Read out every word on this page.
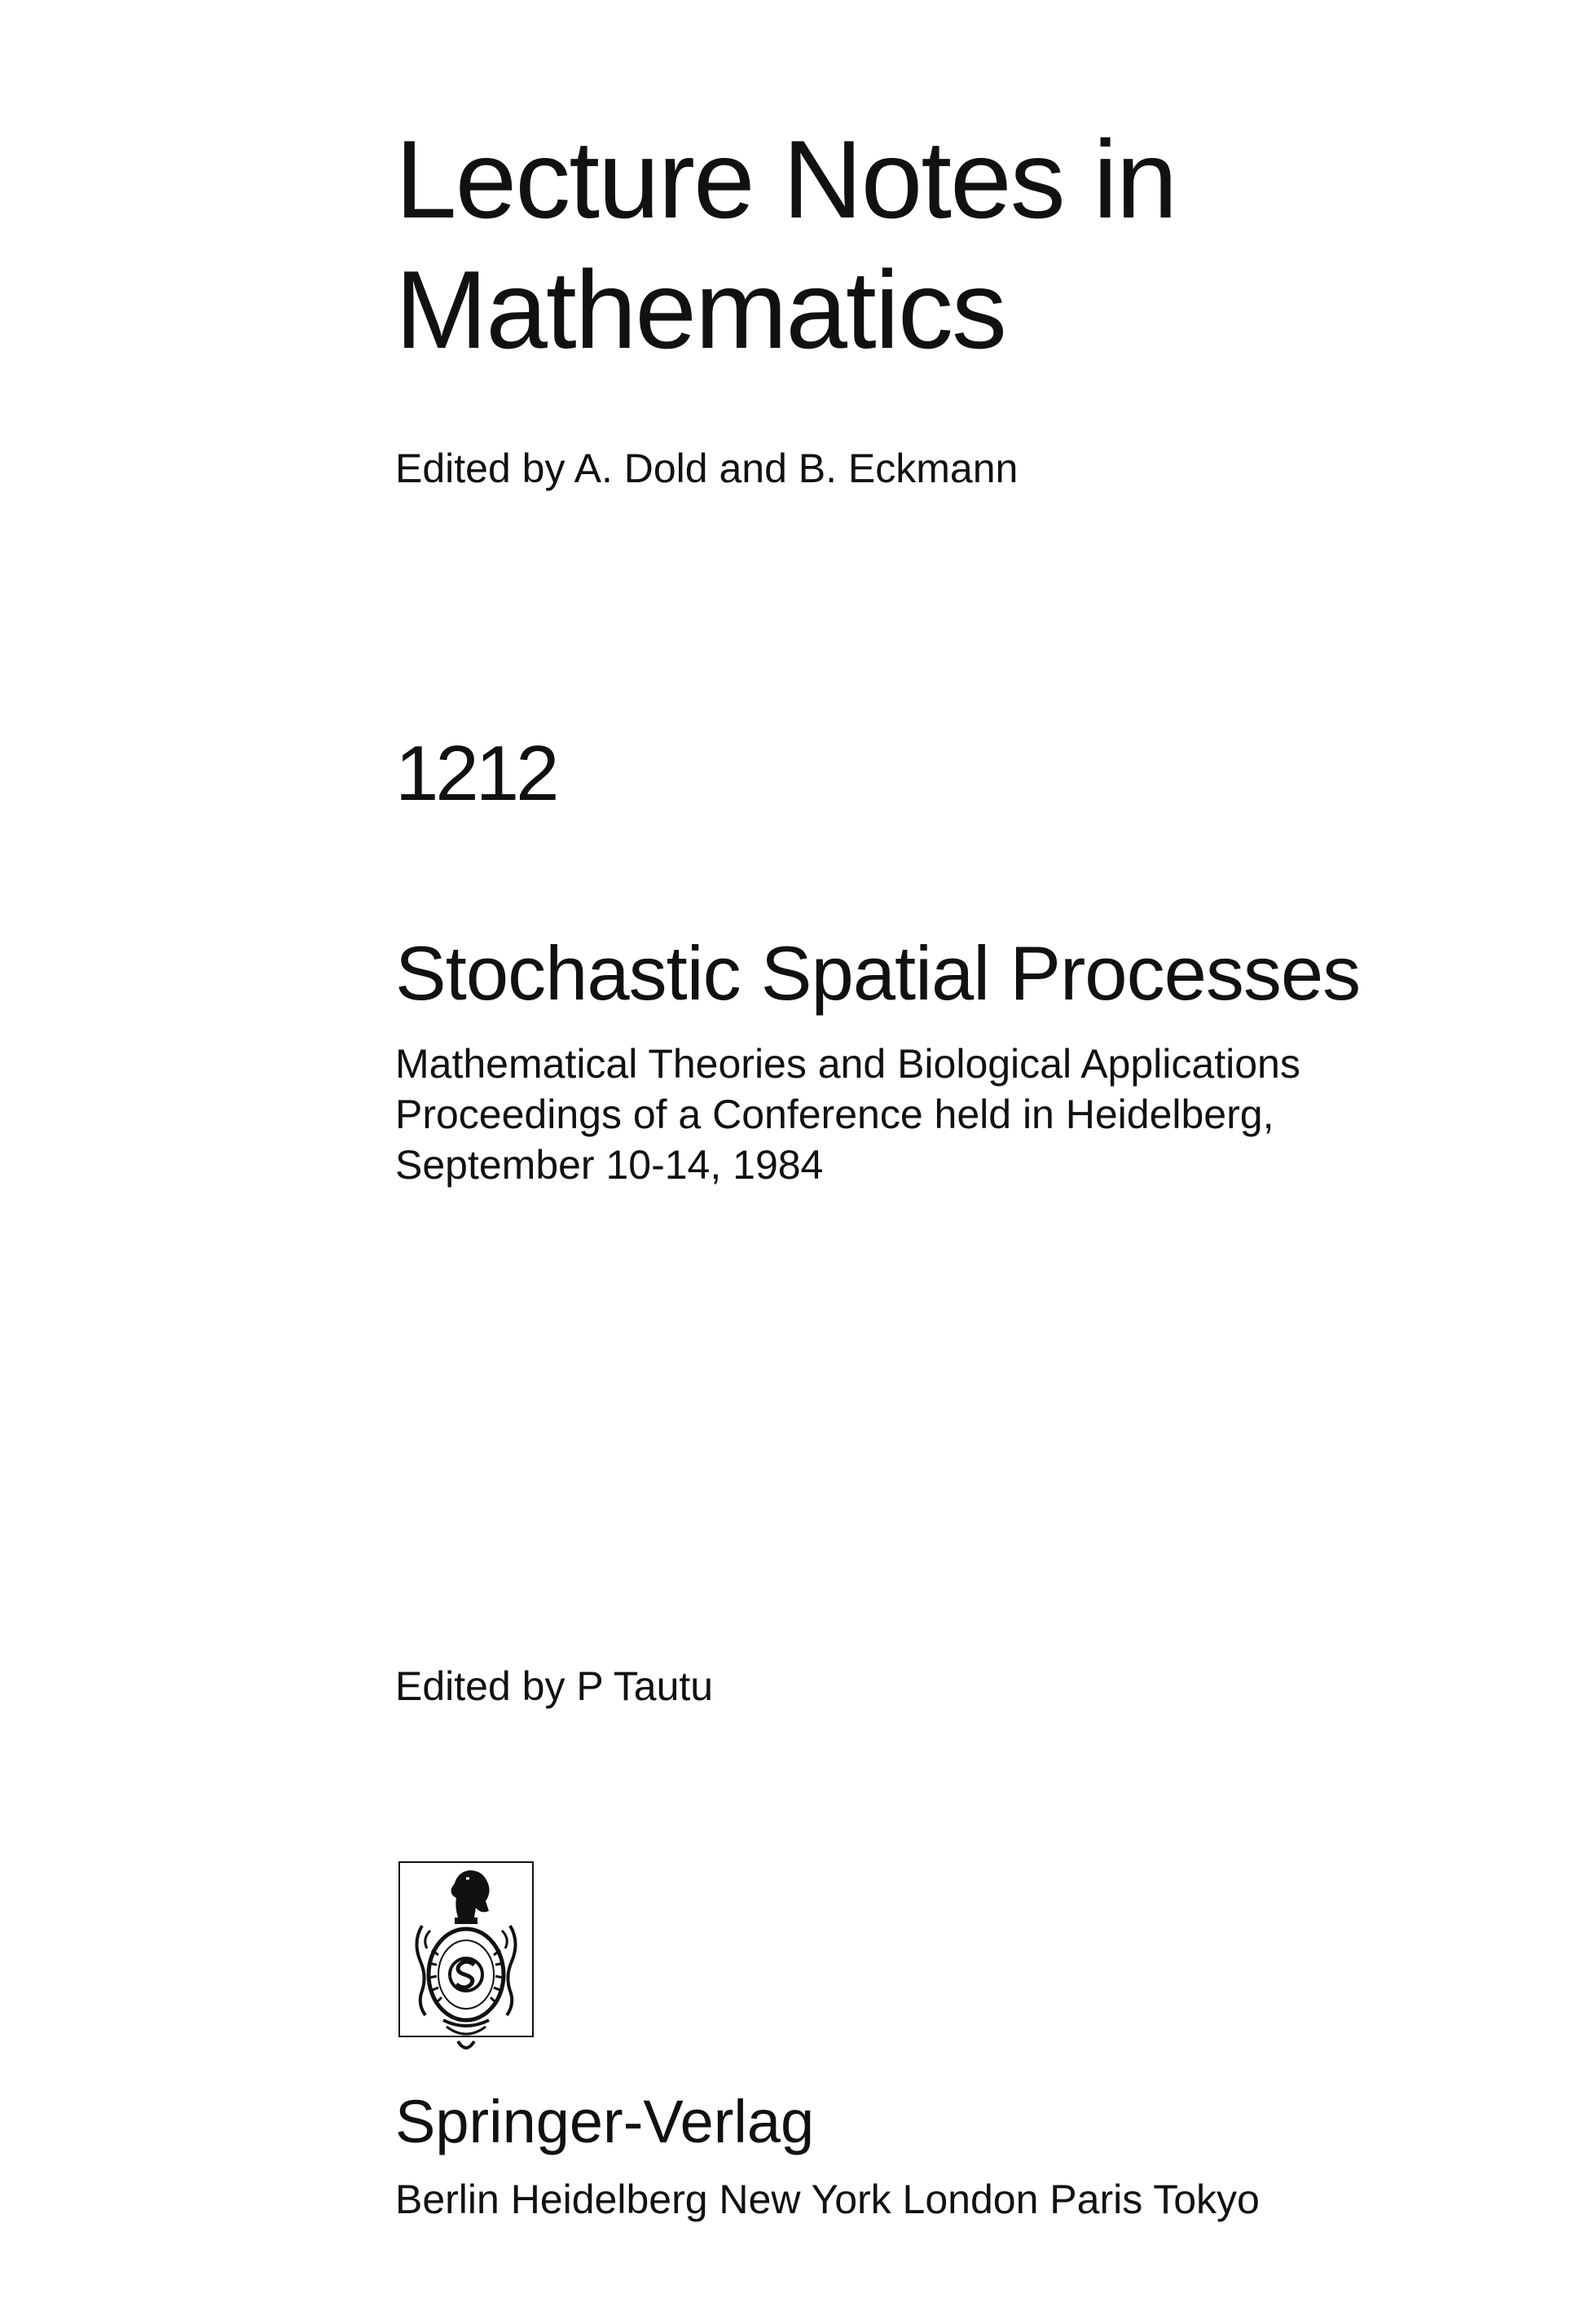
Lecture Notes in
Mathematics
Edited by A. Dold and B. Eckmann
1212
Stochastic Spatial Processes
Mathematical Theories and Biological Applications
Proceedings of a Conference held in Heidelberg,
September 10-14, 1984
Edited by P Tautu
Springer-Verlag
Berlin Heidelberg New York London Paris Tokyo
